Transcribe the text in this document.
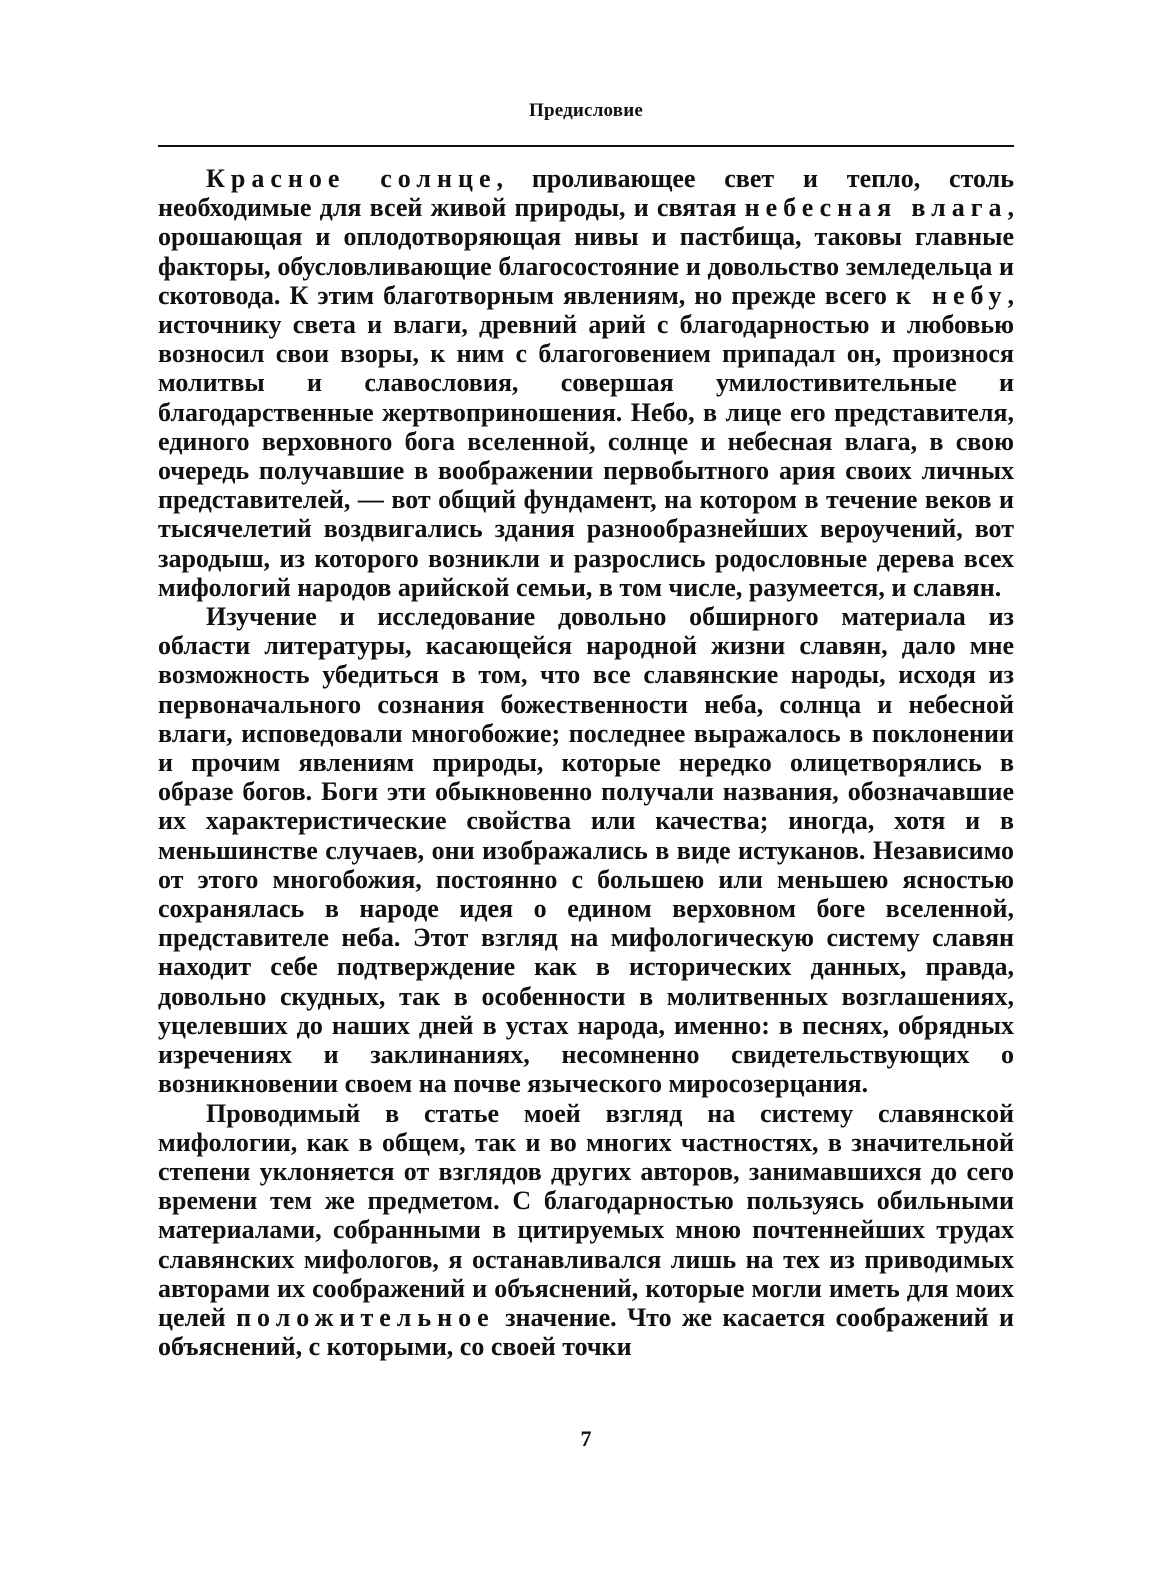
Предисловие

Красное солнце, проливающее свет и тепло, столь необходимые для всей живой природы, и святая небесная влага, орошающая и оплодотворяющая нивы и пастбища, таковы главные факторы, обусловливающие благосостояние и довольство земледельца и скотовода. К этим благотворным явлениям, но прежде всего к небу, источнику света и влаги, древний арий с благодарностью и любовью возносил свои взоры, к ним с благоговением припадал он, произнося молитвы и славословия, совершая умилостивительные и благодарственные жертвоприношения. Небо, в лице его представителя, единого верховного бога вселенной, солнце и небесная влага, в свою очередь получавшие в воображении первобытного ария своих личных представителей, — вот общий фундамент, на котором в течение веков и тысячелетий воздвигались здания разнообразнейших вероучений, вот зародыш, из которого возникли и разрослись родословные дерева всех мифологий народов арийской семьи, в том числе, разумеется, и славян.

Изучение и исследование довольно обширного материала из области литературы, касающейся народной жизни славян, дало мне возможность убедиться в том, что все славянские народы, исходя из первоначального сознания божественности неба, солнца и небесной влаги, исповедовали многобожие; последнее выражалось в поклонении и прочим явлениям природы, которые нередко олицетворялись в образе богов. Боги эти обыкновенно получали названия, обозначавшие их характеристические свойства или качества; иногда, хотя и в меньшинстве случаев, они изображались в виде истуканов. Независимо от этого многобожия, постоянно с большею или меньшею ясностью сохранялась в народе идея о едином верховном боге вселенной, представителе неба. Этот взгляд на мифологическую систему славян находит себе подтверждение как в исторических данных, правда, довольно скудных, так в особенности в молитвенных возглашениях, уцелевших до наших дней в устах народа, именно: в песнях, обрядных изречениях и заклинаниях, несомненно свидетельствующих о возникновении своем на почве языческого миросозерцания.

Проводимый в статье моей взгляд на систему славянской мифологии, как в общем, так и во многих частностях, в значительной степени уклоняется от взглядов других авторов, занимавшихся до сего времени тем же предметом. С благодарностью пользуясь обильными материалами, собранными в цитируемых мною почтеннейших трудах славянских мифологов, я останавливался лишь на тех из приводимых авторами их соображений и объяснений, которые могли иметь для моих целей положительное значение. Что же касается соображений и объяснений, с которыми, со своей точки

7
